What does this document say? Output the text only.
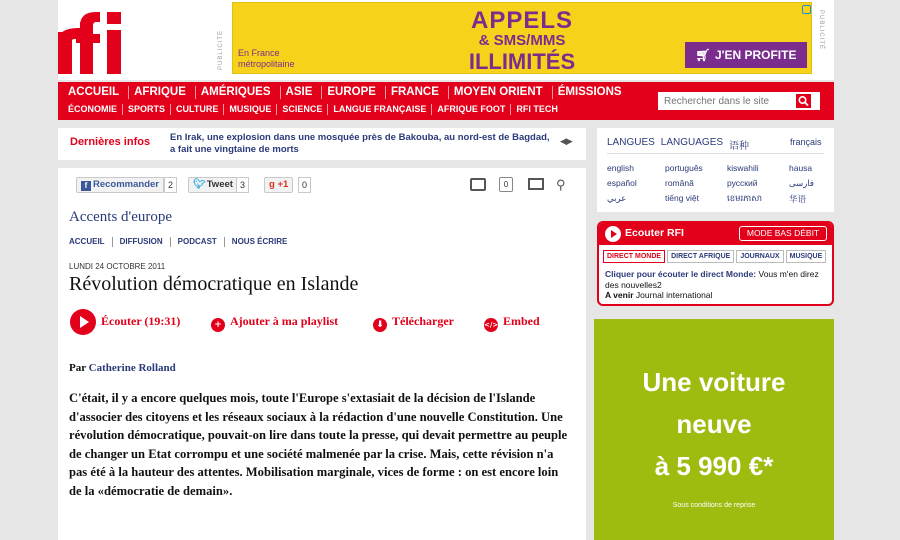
PUBLICITÉ
APPELS
& SMS/MMS
ILLIMITÉS
En France
métropolitaine
🛒︎ J'EN PROFITE
PUBLICITÉ
ACCUEIL	AFRIQUE	AMÉRIQUES	ASIE	EUROPE	FRANCE	MOYEN ORIENT	ÉMISSIONS
ÉCONOMIE	SPORTS	CULTURE	MUSIQUE	SCIENCE	LANGUE FRANÇAISE	AFRIQUE FOOT	RFI TECH
Rechercher dans le site
Dernières infos En Irak, une explosion dans une mosquée près de Bakouba, au nord-est de Bagdad, a fait une vingtaine de morts
◀▶
f Recommander	2	🐦︎Tweet 3	g +1	0	0	⚲
Accents d'europe
ACCUEIL	DIFFUSION	PODCAST	NOUS ÉCRIRE
LUNDI 24 OCTOBRE 2011
Révolution démocratique en Islande
Écouter (19:31)	+ Ajouter à ma playlist	⬇ Télécharger	</> Embed
Par Catherine Rolland

C'était, il y a encore quelques mois, toute l'Europe s'extasiait de la décision de l'Islande d'associer des citoyens et les réseaux sociaux à la rédaction d'une nouvelle Constitution. Une révolution démocratique, pouvait-on lire dans toute la presse, qui devait permettre au peuple de changer un Etat corrompu et une société malmenée par la crise. Mais, cette révision n'a pas été à la hauteur des attentes. Mobilisation marginale, vices de forme : on est encore loin de la «démocratie de demain».

LANGUES LANGUAGES 语种	français
english	português	kiswahili	hausa
español	română	русский	فارسی
عربي	tiếng việt	ខេមរភាសា	华语
Ecouter RFI	MODE BAS DÉBIT
DIRECT MONDE	DIRECT AFRIQUE	JOURNAUX	MUSIQUE
Cliquer pour écouter le direct Monde: Vous m'en direz des nouvelles2
A venir Journal international
Une voiture
neuve
à 5 990 €*
Sous conditions de reprise
